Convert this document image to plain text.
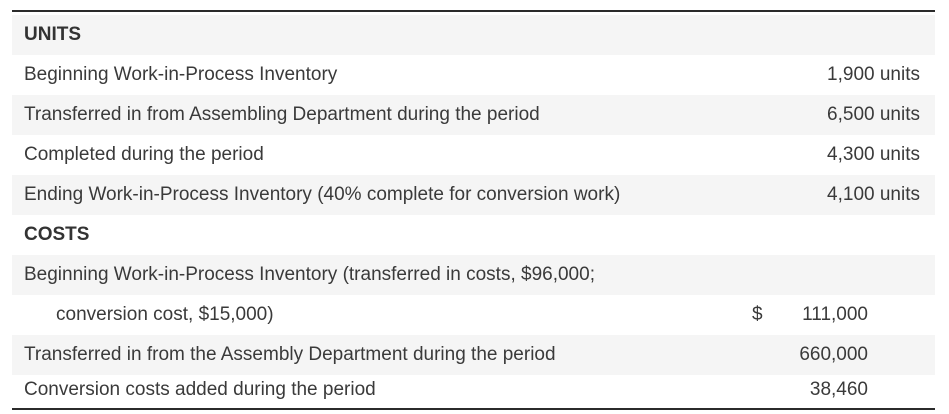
UNITS
Beginning Work-in-Process Inventory	1,900 units
Transferred in from Assembling Department during the period	6,500 units
Completed during the period	4,300 units
Ending Work-in-Process Inventory (40% complete for conversion work)	4,100 units
COSTS
Beginning Work-in-Process Inventory (transferred in costs, $96,000;
conversion cost, $15,000)	$ 111,000
Transferred in from the Assembly Department during the period	660,000
Conversion costs added during the period	38,460
